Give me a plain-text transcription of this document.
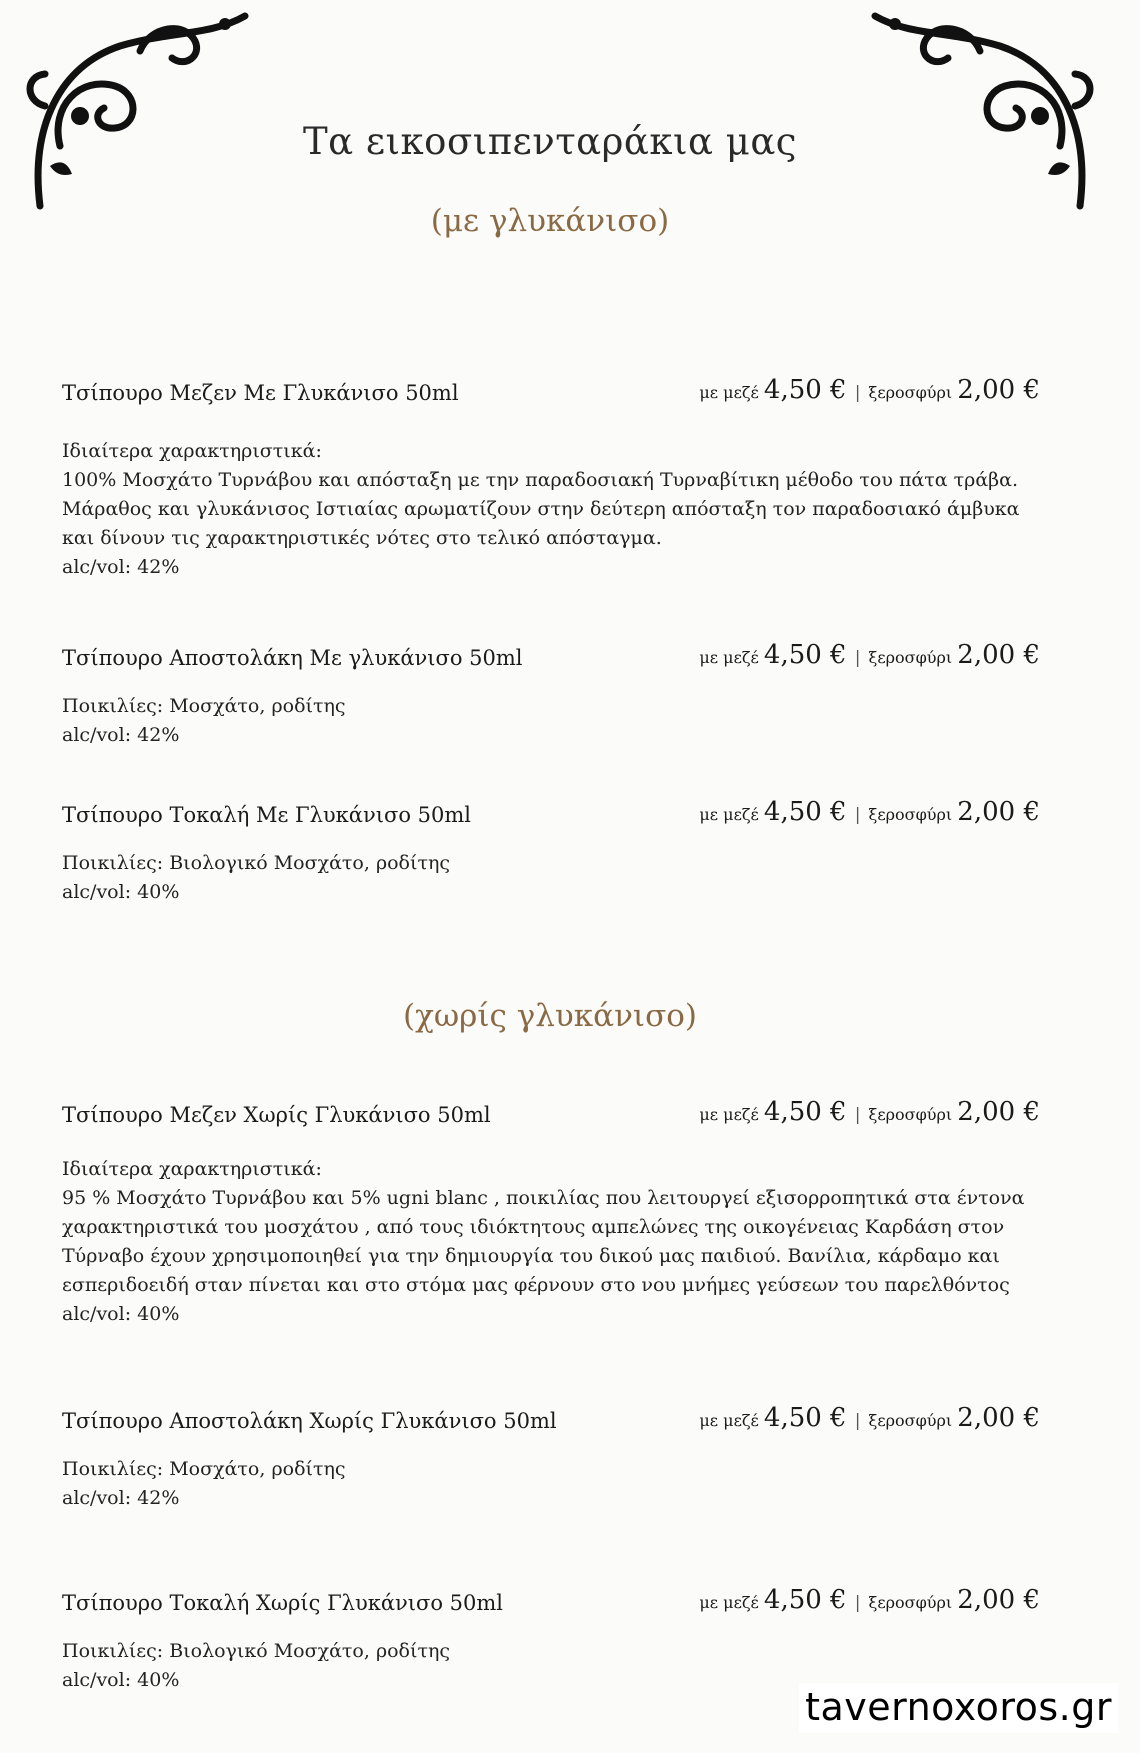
Τα εικοσιπενταράκια μας
(με γλυκάνισο)
Τσίπουρο Μεζεν Με Γλυκάνισο 50ml	με μεζέ 4,50 € | ξεροσφύρι 2,00 €
Ιδιαίτερα χαρακτηριστικά:

100% Μοσχάτο Τυρνάβου και απόσταξη με την παραδοσιακή Τυρναβίτικη μέθοδο του πάτα τράβα. Μάραθος και γλυκάνισος Ιστιαίας αρωματίζουν στην δεύτερη απόσταξη τον παραδοσιακό άμβυκα και δίνουν τις χαρακτηριστικές νότες στο τελικό απόσταγμα.

alc/vol: 42%
Τσίπουρο Αποστολάκη Με γλυκάνισο 50ml	με μεζέ 4,50 € | ξεροσφύρι 2,00 €
Ποικιλίες: Μοσχάτο, ροδίτης
alc/vol: 42%
Τσίπουρο Τοκαλή Με Γλυκάνισο 50ml	με μεζέ 4,50 € | ξεροσφύρι 2,00 €
Ποικιλίες: Βιολογικό Μοσχάτο, ροδίτης
alc/vol: 40%
(χωρίς γλυκάνισο)
Τσίπουρο Μεζεν Χωρίς Γλυκάνισο 50ml	με μεζέ 4,50 € | ξεροσφύρι 2,00 €
Ιδιαίτερα χαρακτηριστικά:

95 % Μοσχάτο Τυρνάβου και 5% ugni blanc , ποικιλίας που λειτουργεί εξισορροπητικά στα έντονα χαρακτηριστικά του μοσχάτου , από τους ιδιόκτητους αμπελώνες της οικογένειας Καρδάση στον Τύρναβο έχουν χρησιμοποιηθεί για την δημιουργία του δικού μας παιδιού. Βανίλια, κάρδαμο και εσπεριδοειδή σταν πίνεται και στο στόμα μας φέρνουν στο νου μνήμες γεύσεων του παρελθόντος

alc/vol: 40%
Τσίπουρο Αποστολάκη Χωρίς Γλυκάνισο 50ml	με μεζέ 4,50 € | ξεροσφύρι 2,00 €
Ποικιλίες: Μοσχάτο, ροδίτης
alc/vol: 42%
Τσίπουρο Τοκαλή Χωρίς Γλυκάνισο 50ml	με μεζέ 4,50 € | ξεροσφύρι 2,00 €
Ποικιλίες: Βιολογικό Μοσχάτο, ροδίτης
alc/vol: 40%
tavernoxoros.gr
